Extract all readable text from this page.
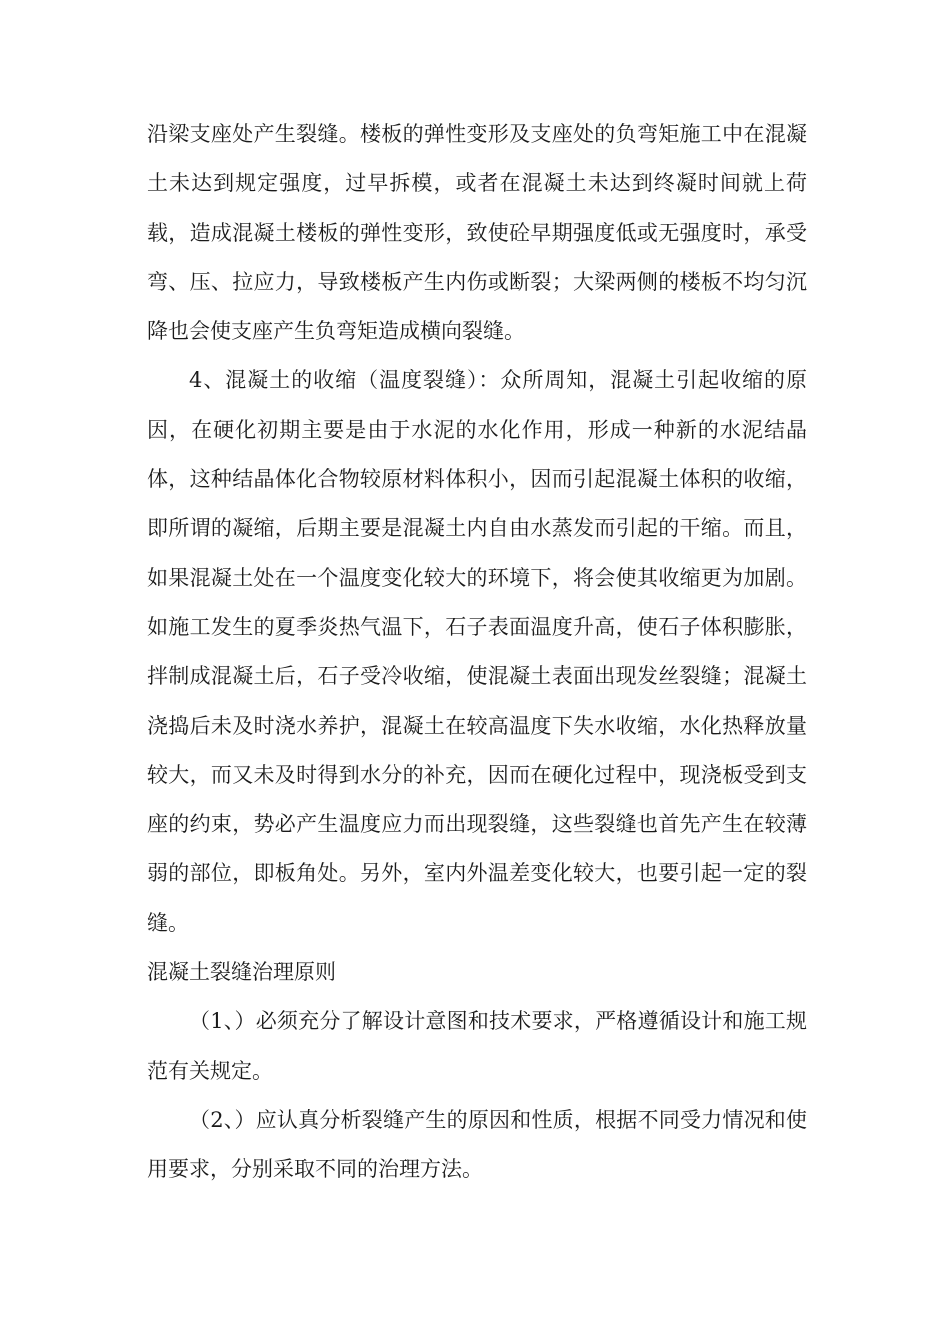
沿梁支座处产生裂缝。楼板的弹性变形及支座处的负弯矩施工中在混凝土未达到规定强度，过早拆模，或者在混凝土未达到终凝时间就上荷载，造成混凝土楼板的弹性变形，致使砼早期强度低或无强度时，承受弯、压、拉应力，导致楼板产生内伤或断裂；大梁两侧的楼板不均匀沉降也会使支座产生负弯矩造成横向裂缝。

4、混凝土的收缩（温度裂缝）：众所周知，混凝土引起收缩的原因，在硬化初期主要是由于水泥的水化作用，形成一种新的水泥结晶体，这种结晶体化合物较原材料体积小，因而引起混凝土体积的收缩，即所谓的凝缩，后期主要是混凝土内自由水蒸发而引起的干缩。而且，如果混凝土处在一个温度变化较大的环境下，将会使其收缩更为加剧。如施工发生的夏季炎热气温下，石子表面温度升高，使石子体积膨胀，拌制成混凝土后，石子受冷收缩，使混凝土表面出现发丝裂缝；混凝土浇捣后未及时浇水养护，混凝土在较高温度下失水收缩，水化热释放量较大，而又未及时得到水分的补充，因而在硬化过程中，现浇板受到支座的约束，势必产生温度应力而出现裂缝，这些裂缝也首先产生在较薄弱的部位，即板角处。另外，室内外温差变化较大，也要引起一定的裂缝。

混凝土裂缝治理原则

（1、）必须充分了解设计意图和技术要求，严格遵循设计和施工规范有关规定。

（2、）应认真分析裂缝产生的原因和性质，根据不同受力情况和使用要求，分别采取不同的治理方法。
